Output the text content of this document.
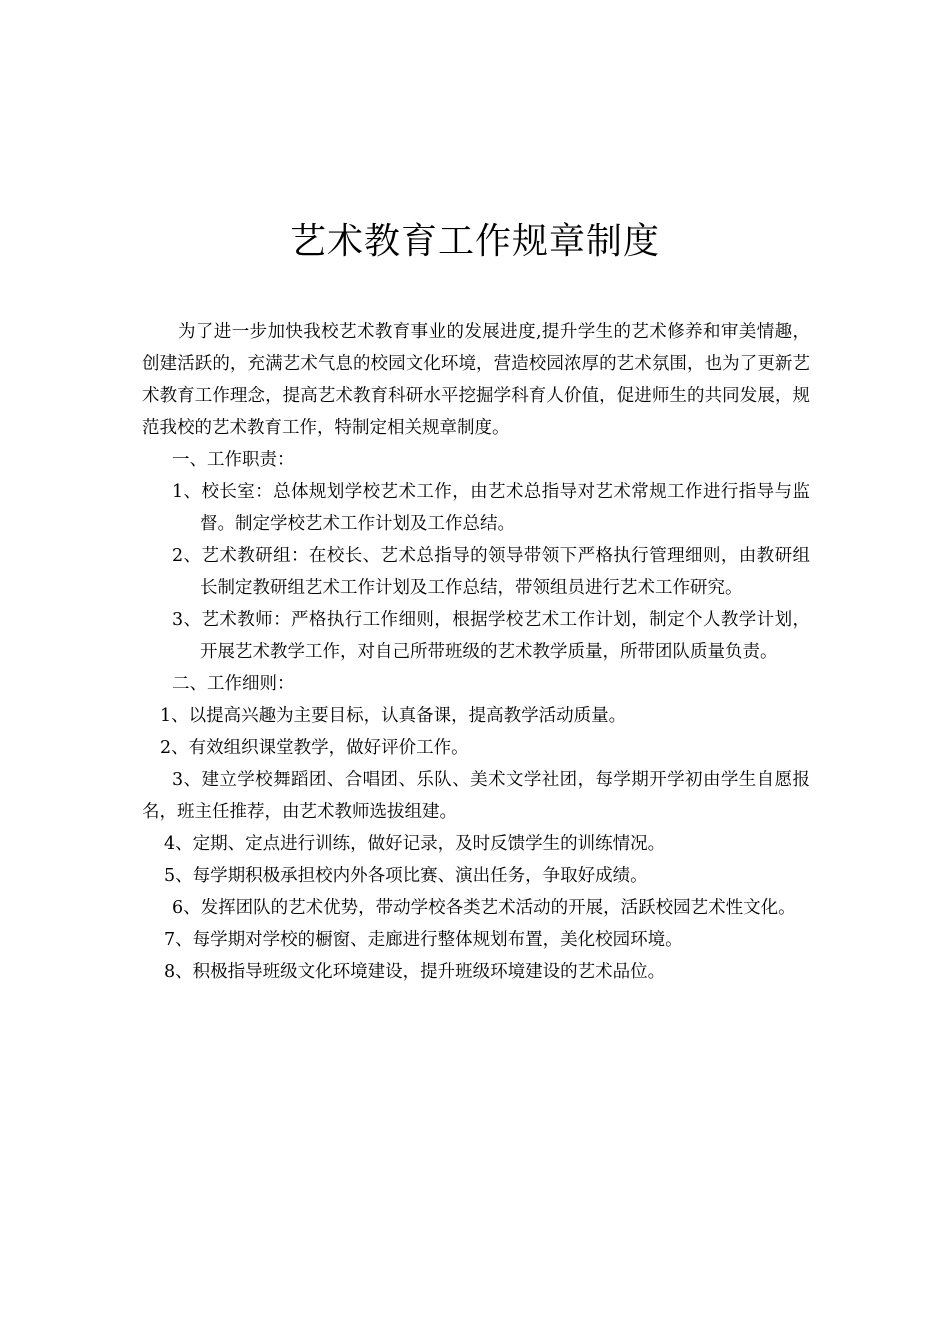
艺术教育工作规章制度

为了进一步加快我校艺术教育事业的发展进度,提升学生的艺术修养和审美情趣，创建活跃的，充满艺术气息的校园文化环境，营造校园浓厚的艺术氛围，也为了更新艺术教育工作理念，提高艺术教育科研水平挖掘学科育人价值，促进师生的共同发展，规范我校的艺术教育工作，特制定相关规章制度。

一、工作职责：

1、校长室：总体规划学校艺术工作，由艺术总指导对艺术常规工作进行指导与监督。制定学校艺术工作计划及工作总结。

2、艺术教研组：在校长、艺术总指导的领导带领下严格执行管理细则，由教研组长制定教研组艺术工作计划及工作总结，带领组员进行艺术工作研究。

3、艺术教师：严格执行工作细则，根据学校艺术工作计划，制定个人教学计划，开展艺术教学工作，对自己所带班级的艺术教学质量，所带团队质量负责。

二、工作细则：

1、以提高兴趣为主要目标，认真备课，提高教学活动质量。

2、有效组织课堂教学，做好评价工作。

3、建立学校舞蹈团、合唱团、乐队、美术文学社团，每学期开学初由学生自愿报名，班主任推荐，由艺术教师选拔组建。

4、定期、定点进行训练，做好记录，及时反馈学生的训练情况。

5、每学期积极承担校内外各项比赛、演出任务，争取好成绩。

6、发挥团队的艺术优势，带动学校各类艺术活动的开展，活跃校园艺术性文化。

7、每学期对学校的橱窗、走廊进行整体规划布置，美化校园环境。

8、积极指导班级文化环境建设，提升班级环境建设的艺术品位。
